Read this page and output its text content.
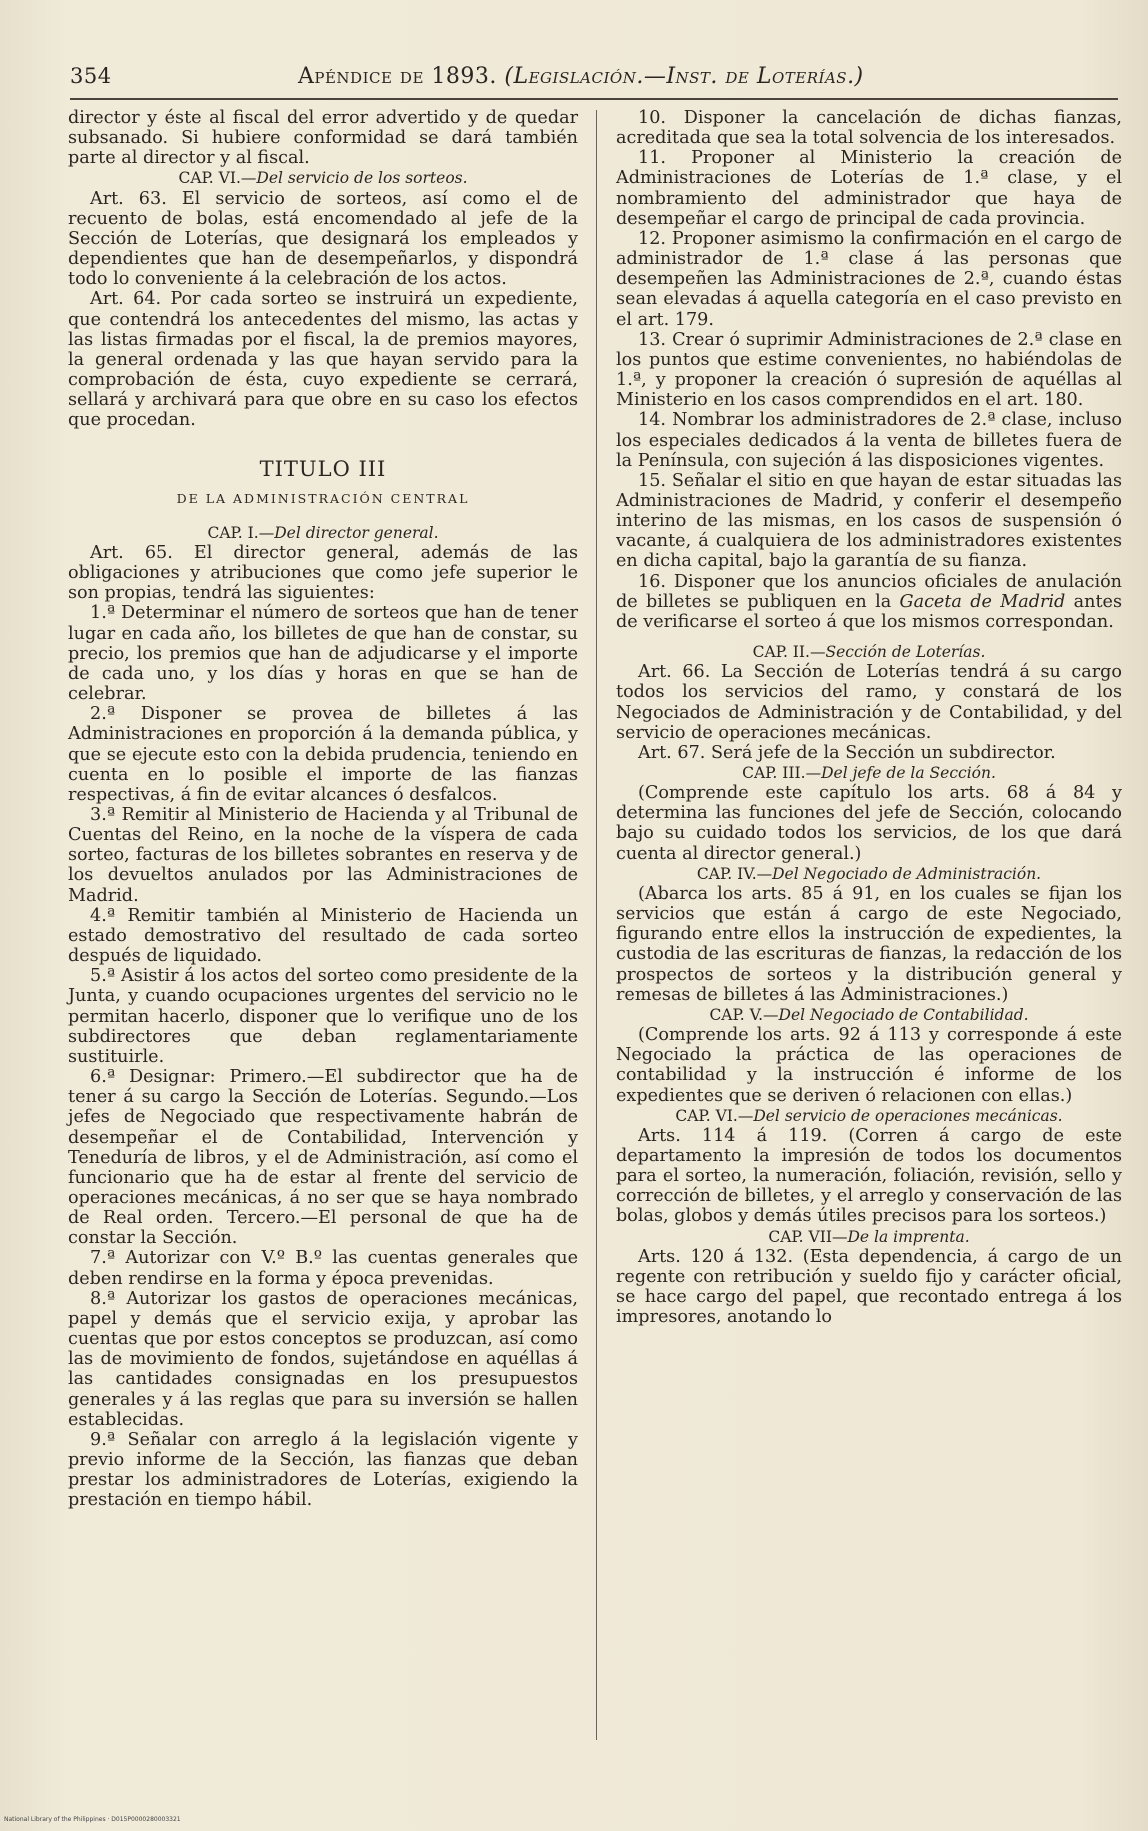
354	Apéndice de 1893. (Legislación.—Inst. de Loterías.)

director y éste al fiscal del error advertido y de quedar subsanado. Si hubiere conformidad se dará también parte al director y al fiscal.

CAP. VI.—Del servicio de los sorteos.

Art. 63. El servicio de sorteos, así como el de recuento de bolas, está encomendado al jefe de la Sección de Loterías, que designará los empleados y dependientes que han de desempeñarlos, y dispondrá todo lo conveniente á la celebración de los actos.

Art. 64. Por cada sorteo se instruirá un expediente, que contendrá los antecedentes del mismo, las actas y las listas firmadas por el fiscal, la de premios mayores, la general ordenada y las que hayan servido para la comprobación de ésta, cuyo expediente se cerrará, sellará y archivará para que obre en su caso los efectos que procedan.

TITULO III
DE LA ADMINISTRACIÓN CENTRAL

CAP. I.—Del director general.

Art. 65. El director general, además de las obligaciones y atribuciones que como jefe superior le son propias, tendrá las siguientes:

1.ª Determinar el número de sorteos que han de tener lugar en cada año, los billetes de que han de constar, su precio, los premios que han de adjudicarse y el importe de cada uno, y los días y horas en que se han de celebrar.

2.ª Disponer se provea de billetes á las Administraciones en proporción á la demanda pública, y que se ejecute esto con la debida prudencia, teniendo en cuenta en lo posible el importe de las fianzas respectivas, á fin de evitar alcances ó desfalcos.

3.ª Remitir al Ministerio de Hacienda y al Tribunal de Cuentas del Reino, en la noche de la víspera de cada sorteo, facturas de los billetes sobrantes en reserva y de los devueltos anulados por las Administraciones de Madrid.

4.ª Remitir también al Ministerio de Hacienda un estado demostrativo del resultado de cada sorteo después de liquidado.

5.ª Asistir á los actos del sorteo como presidente de la Junta, y cuando ocupaciones urgentes del servicio no le permitan hacerlo, disponer que lo verifique uno de los subdirectores que deban reglamentariamente sustituirle.

6.ª Designar: Primero.—El subdirector que ha de tener á su cargo la Sección de Loterías. Segundo.—Los jefes de Negociado que respectivamente habrán de desempeñar el de Contabilidad, Intervención y Teneduría de libros, y el de Administración, así como el funcionario que ha de estar al frente del servicio de operaciones mecánicas, á no ser que se haya nombrado de Real orden. Tercero.—El personal de que ha de constar la Sección.

7.ª Autorizar con V.º B.º las cuentas generales que deben rendirse en la forma y época prevenidas.

8.ª Autorizar los gastos de operaciones mecánicas, papel y demás que el servicio exija, y aprobar las cuentas que por estos conceptos se produzcan, así como las de movimiento de fondos, sujetándose en aquéllas á las cantidades consignadas en los presupuestos generales y á las reglas que para su inversión se hallen establecidas.

9.ª Señalar con arreglo á la legislación vigente y previo informe de la Sección, las fianzas que deban prestar los administradores de Loterías, exigiendo la prestación en tiempo hábil.

10. Disponer la cancelación de dichas fianzas, acreditada que sea la total solvencia de los interesados.

11. Proponer al Ministerio la creación de Administraciones de Loterías de 1.ª clase, y el nombramiento del administrador que haya de desempeñar el cargo de principal de cada provincia.

12. Proponer asimismo la confirmación en el cargo de administrador de 1.ª clase á las personas que desempeñen las Administraciones de 2.ª, cuando éstas sean elevadas á aquella categoría en el caso previsto en el art. 179.

13. Crear ó suprimir Administraciones de 2.ª clase en los puntos que estime convenientes, no habiéndolas de 1.ª, y proponer la creación ó supresión de aquéllas al Ministerio en los casos comprendidos en el art. 180.

14. Nombrar los administradores de 2.ª clase, incluso los especiales dedicados á la venta de billetes fuera de la Península, con sujeción á las disposiciones vigentes.

15. Señalar el sitio en que hayan de estar situadas las Administraciones de Madrid, y conferir el desempeño interino de las mismas, en los casos de suspensión ó vacante, á cualquiera de los administradores existentes en dicha capital, bajo la garantía de su fianza.

16. Disponer que los anuncios oficiales de anulación de billetes se publiquen en la Gaceta de Madrid antes de verificarse el sorteo á que los mismos correspondan.

CAP. II.—Sección de Loterías.

Art. 66. La Sección de Loterías tendrá á su cargo todos los servicios del ramo, y constará de los Negociados de Administración y de Contabilidad, y del servicio de operaciones mecánicas.

Art. 67. Será jefe de la Sección un subdirector.

CAP. III.—Del jefe de la Sección.

(Comprende este capítulo los arts. 68 á 84 y determina las funciones del jefe de Sección, colocando bajo su cuidado todos los servicios, de los que dará cuenta al director general.)

CAP. IV.—Del Negociado de Administración.

(Abarca los arts. 85 á 91, en los cuales se fijan los servicios que están á cargo de este Negociado, figurando entre ellos la instrucción de expedientes, la custodia de las escrituras de fianzas, la redacción de los prospectos de sorteos y la distribución general y remesas de billetes á las Administraciones.)

CAP. V.—Del Negociado de Contabilidad.

(Comprende los arts. 92 á 113 y corresponde á este Negociado la práctica de las operaciones de contabilidad y la instrucción é informe de los expedientes que se deriven ó relacionen con ellas.)

CAP. VI.—Del servicio de operaciones mecánicas.

Arts. 114 á 119. (Corren á cargo de este departamento la impresión de todos los documentos para el sorteo, la numeración, foliación, revisión, sello y corrección de billetes, y el arreglo y conservación de las bolas, globos y demás útiles precisos para los sorteos.)

CAP. VII—De la imprenta.

Arts. 120 á 132. (Esta dependencia, á cargo de un regente con retribución y sueldo fijo y carácter oficial, se hace cargo del papel, que recontado entrega á los impresores, anotando lo

National Library of the Philippines · D015P0000280003321
